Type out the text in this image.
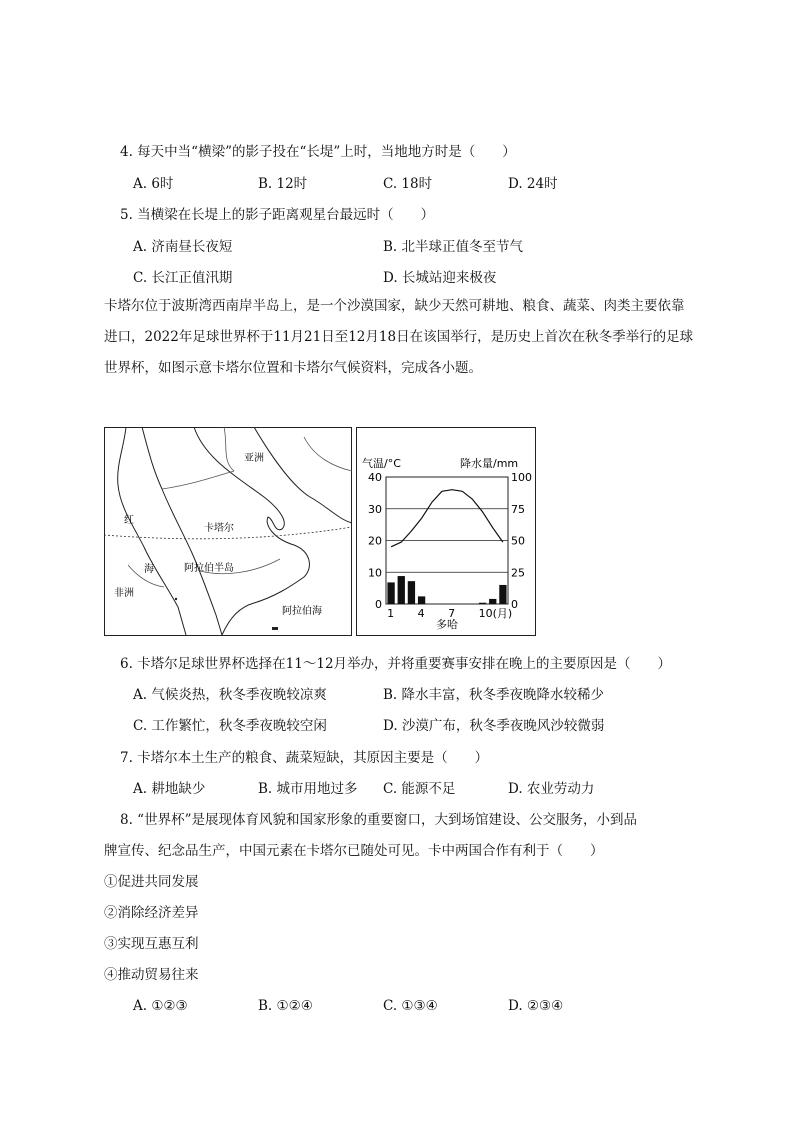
4. 每天中当“横梁”的影子投在“长堤”上时，当地地方时是（　　）
A. 6时	B. 12时	C. 18时	D. 24时
5. 当横梁在长堤上的影子距离观星台最远时（　　）
A. 济南昼长夜短	B. 北半球正值冬至节气
C. 长江正值汛期	D. 长城站迎来极夜
卡塔尔位于波斯湾西南岸半岛上，是一个沙漠国家，缺少天然可耕地、粮食、蔬菜、肉类主要依靠进口，2022年足球世界杯于11月21日至12月18日在该国举行，是历史上首次在秋冬季举行的足球世界杯，如图示意卡塔尔位置和卡塔尔气候资料，完成各小题。
亚洲
红
海
非洲
卡塔尔
阿拉伯半岛
阿拉伯海
气温/°C	降水量/mm
0
10
20
30
40
0
25
50
75
100
1 4 7 10(月)
多哈
6. 卡塔尔足球世界杯选择在11～12月举办，并将重要赛事安排在晚上的主要原因是（　　）
A. 气候炎热，秋冬季夜晚较凉爽	B. 降水丰富，秋冬季夜晚降水较稀少
C. 工作繁忙，秋冬季夜晚较空闲	D. 沙漠广布，秋冬季夜晚风沙较微弱
7. 卡塔尔本土生产的粮食、蔬菜短缺，其原因主要是（　　）
A. 耕地缺少	B. 城市用地过多 C. 能源不足	D. 农业劳动力
8. “世界杯”是展现体育风貌和国家形象的重要窗口，大到场馆建设、公交服务，小到品
牌宣传、纪念品生产，中国元素在卡塔尔已随处可见。卡中两国合作有利于（　　）
①促进共同发展
②消除经济差异
③实现互惠互利
④推动贸易往来
A. ①②③	B. ①②④	C. ①③④	D. ②③④
